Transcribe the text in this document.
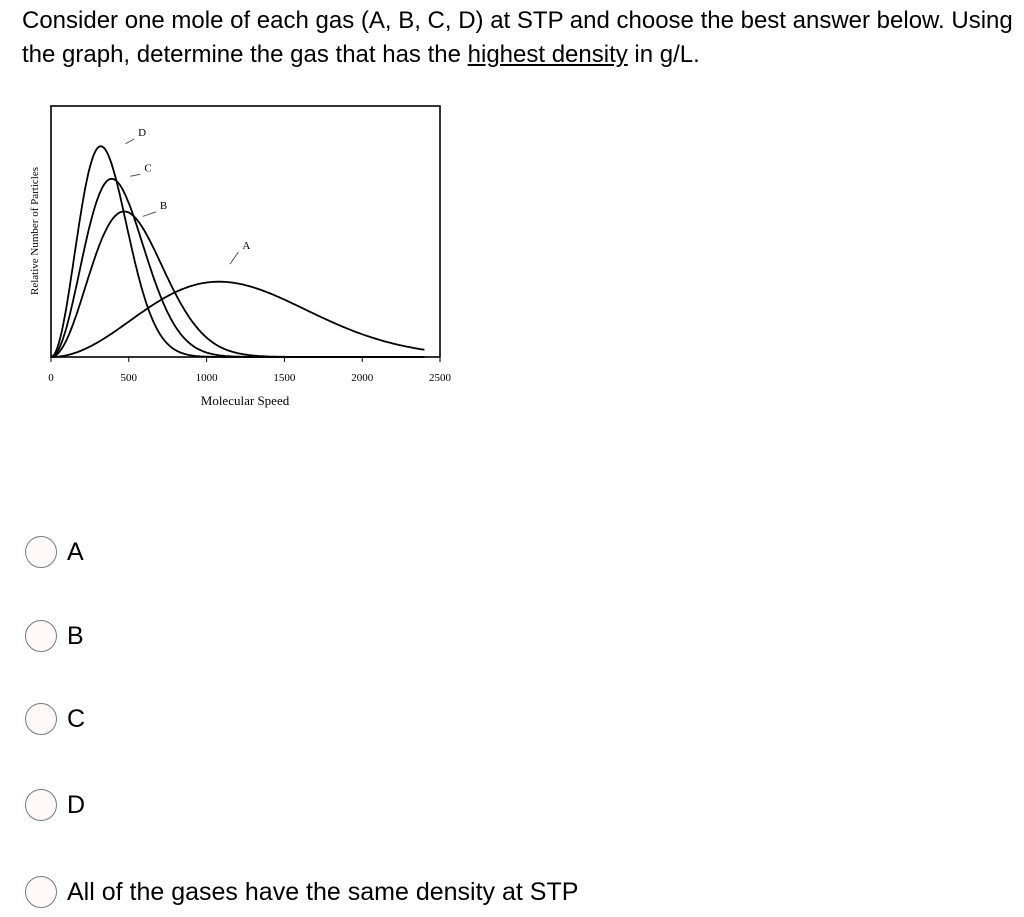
Consider one mole of each gas (A, B, C, D) at STP and choose the best answer below. Using the graph, determine the gas that has the highest density in g/L.
A
B
C
D
0	500	1000	1500	2000	2500
Molecular Speed
Relative Number of Particles
A
B
C
D
All of the gases have the same density at STP
